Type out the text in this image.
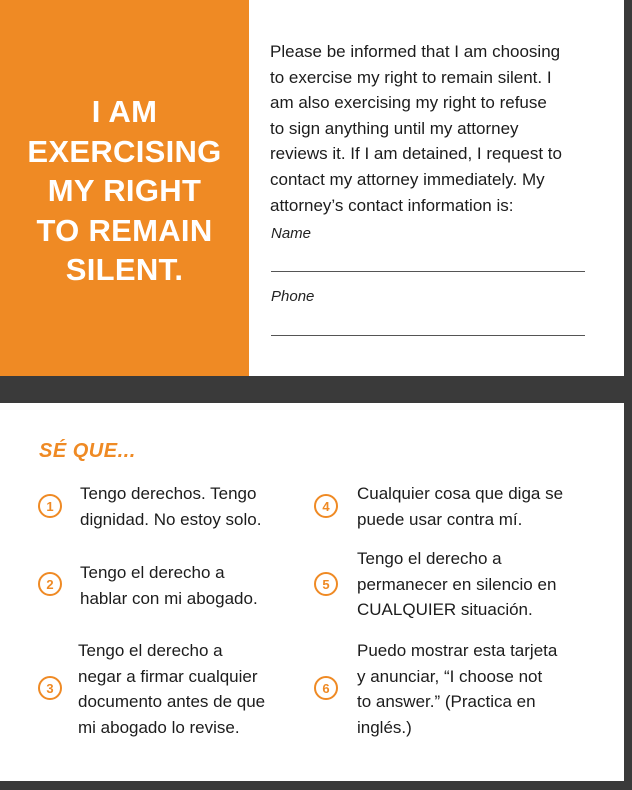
I AM
EXERCISING
MY RIGHT
TO REMAIN
SILENT.
Please be informed that I am choosing
to exercise my right to remain silent. I
am also exercising my right to refuse
to sign anything until my attorney
reviews it. If I am detained, I request to
contact my attorney immediately. My
attorney’s contact information is:
Name
Phone
SÉ QUE...
1
Tengo derechos. Tengo
dignidad. No estoy solo.
2
Tengo el derecho a
hablar con mi abogado.
3
Tengo el derecho a
negar a firmar cualquier
documento antes de que
mi abogado lo revise.
4
Cualquier cosa que diga se
puede usar contra mí.
5
Tengo el derecho a
permanecer en silencio en
CUALQUIER situación.
6
Puedo mostrar esta tarjeta
y anunciar, “I choose not
to answer.” (Practica en
inglés.)
